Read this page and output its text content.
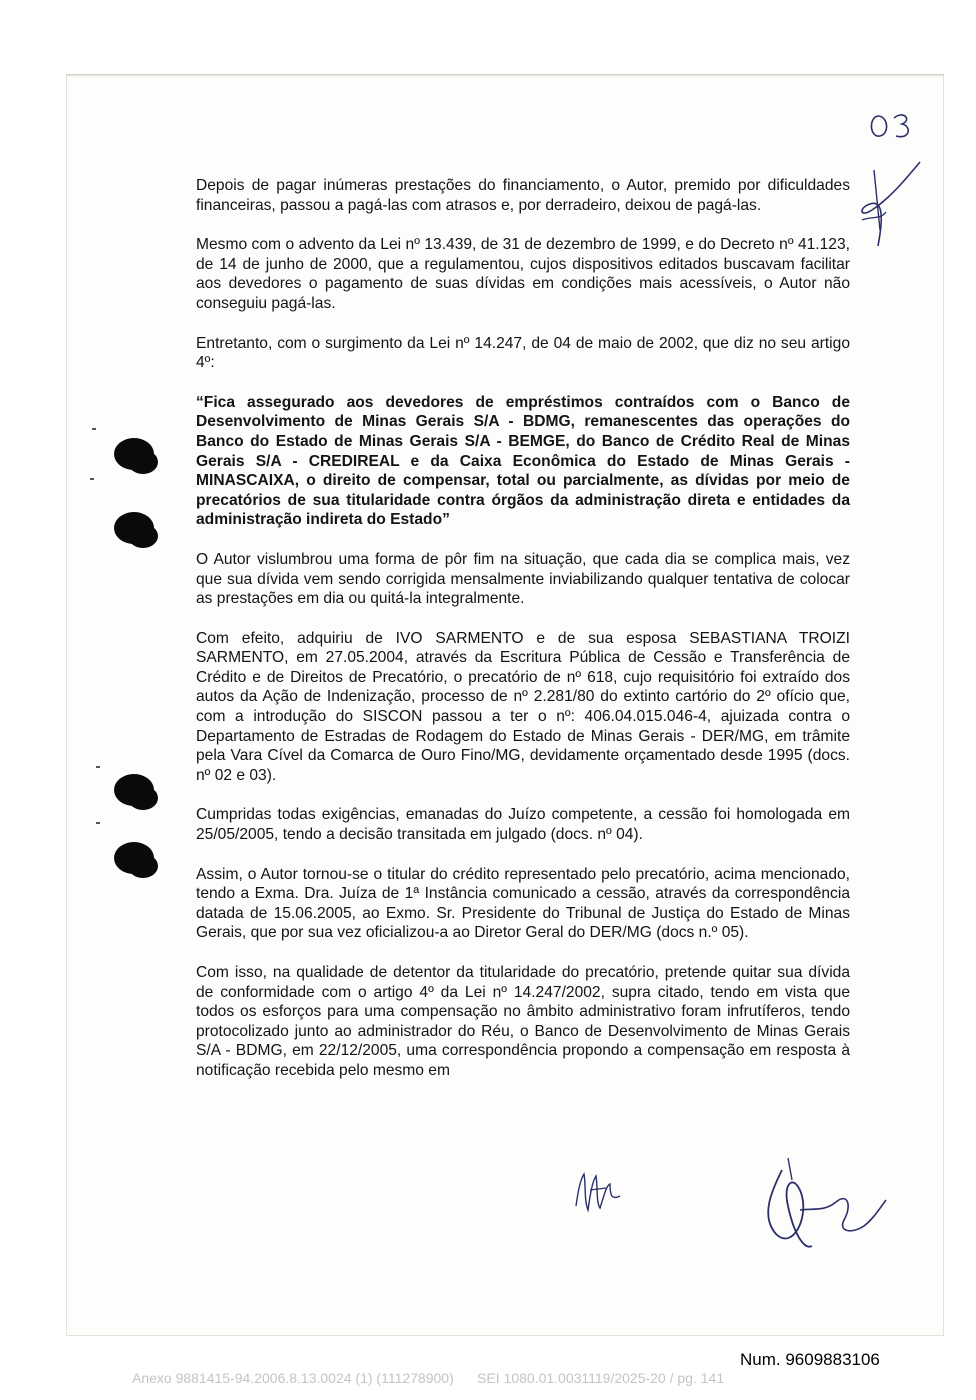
Depois de pagar inúmeras prestações do financiamento, o Autor, premido por dificuldades financeiras, passou a pagá-las com atrasos e, por derradeiro, deixou de pagá-las.

Mesmo com o advento da Lei nº 13.439, de 31 de dezembro de 1999, e do Decreto nº 41.123, de 14 de junho de 2000, que a regulamentou, cujos dispositivos editados buscavam facilitar aos devedores o pagamento de suas dívidas em condições mais acessíveis, o Autor não conseguiu pagá-las.

Entretanto, com o surgimento da Lei nº 14.247, de 04 de maio de 2002, que diz no seu artigo 4º:

“Fica assegurado aos devedores de empréstimos contraídos com o Banco de Desenvolvimento de Minas Gerais S/A - BDMG, remanescentes das operações do Banco do Estado de Minas Gerais S/A - BEMGE, do Banco de Crédito Real de Minas Gerais S/A - CREDIREAL e da Caixa Econômica do Estado de Minas Gerais - MINASCAIXA, o direito de compensar, total ou parcialmente, as dívidas por meio de precatórios de sua titularidade contra órgãos da administração direta e entidades da administração indireta do Estado”

O Autor vislumbrou uma forma de pôr fim na situação, que cada dia se complica mais, vez que sua dívida vem sendo corrigida mensalmente inviabilizando qualquer tentativa de colocar as prestações em dia ou quitá-la integralmente.

Com efeito, adquiriu de IVO SARMENTO e de sua esposa SEBASTIANA TROIZI SARMENTO, em 27.05.2004, através da Escritura Pública de Cessão e Transferência de Crédito e de Direitos de Precatório, o precatório de nº 618, cujo requisitório foi extraído dos autos da Ação de Indenização, processo de nº 2.281/80 do extinto cartório do 2º ofício que, com a introdução do SISCON passou a ter o nº: 406.04.015.046-4, ajuizada contra o Departamento de Estradas de Rodagem do Estado de Minas Gerais - DER/MG, em trâmite pela Vara Cível da Comarca de Ouro Fino/MG, devidamente orçamentado desde 1995 (docs. nº 02 e 03).

Cumpridas todas exigências, emanadas do Juízo competente, a cessão foi homologada em 25/05/2005, tendo a decisão transitada em julgado (docs. nº 04).

Assim, o Autor tornou-se o titular do crédito representado pelo precatório, acima mencionado, tendo a Exma. Dra. Juíza de 1ª Instância comunicado a cessão, através da correspondência datada de 15.06.2005, ao Exmo. Sr. Presidente do Tribunal de Justiça do Estado de Minas Gerais, que por sua vez oficializou-a ao Diretor Geral do DER/MG (docs n.º 05).

Com isso, na qualidade de detentor da titularidade do precatório, pretende quitar sua dívida de conformidade com o artigo 4º da Lei nº 14.247/2002, supra citado, tendo em vista que todos os esforços para uma compensação no âmbito administrativo foram infrutíferos, tendo protocolizado junto ao administrador do Réu, o Banco de Desenvolvimento de Minas Gerais S/A - BDMG, em 22/12/2005, uma correspondência propondo a compensação em resposta à notificação recebida pelo mesmo em

Num. 9609883106
Anexo 9881415-94.2006.8.13.0024 (1) (111278900)      SEI 1080.01.0031119/2025-20 / pg. 141
